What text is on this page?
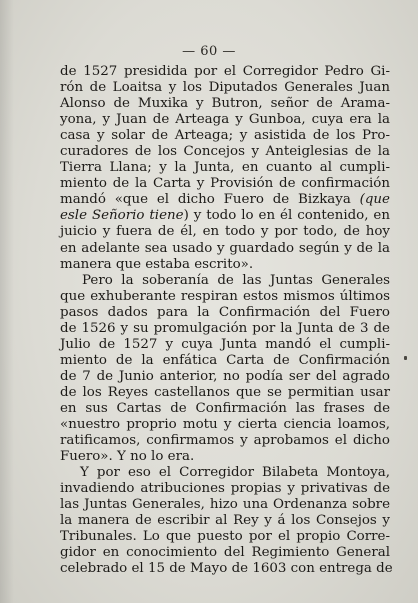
— 60 —
de 1527 presidida por el Corregidor Pedro Gi-
rón de Loaitsa y los Diputados Generales Juan
Alonso de Muxika y Butron, señor de Arama-
yona, y Juan de Arteaga y Gunboa, cuya era la
casa y solar de Arteaga; y asistida de los Pro-
curadores de los Concejos y Anteiglesias de la
Tierra Llana; y la Junta, en cuanto al cumpli-
miento de la Carta y Provisión de confirmación
mandó «que el dicho Fuero de Bizkaya (que
esle Señorio tiene) y todo lo en él contenido, en
juicio y fuera de él, en todo y por todo, de hoy
en adelante sea usado y guardado según y de la
manera que estaba escrito».
Pero la soberanía de las Juntas Generales
que exhuberante respiran estos mismos últimos
pasos dados para la Confirmación del Fuero
de 1526 y su promulgación por la Junta de 3 de
Julio de 1527 y cuya Junta mandó el cumpli-
miento de la enfática Carta de Confirmación
de 7 de Junio anterior, no podía ser del agrado
de los Reyes castellanos que se permitian usar
en sus Cartas de Confirmación las frases de
«nuestro proprio motu y cierta ciencia loamos,
ratificamos, confirmamos y aprobamos el dicho
Fuero». Y no lo era.
Y por eso el Corregidor Bilabeta Montoya,
invadiendo atribuciones propias y privativas de
las Juntas Generales, hizo una Ordenanza sobre
la manera de escribir al Rey y á los Consejos y
Tribunales. Lo que puesto por el propio Corre-
gidor en conocimiento del Regimiento General
celebrado el 15 de Mayo de 1603 con entrega de
